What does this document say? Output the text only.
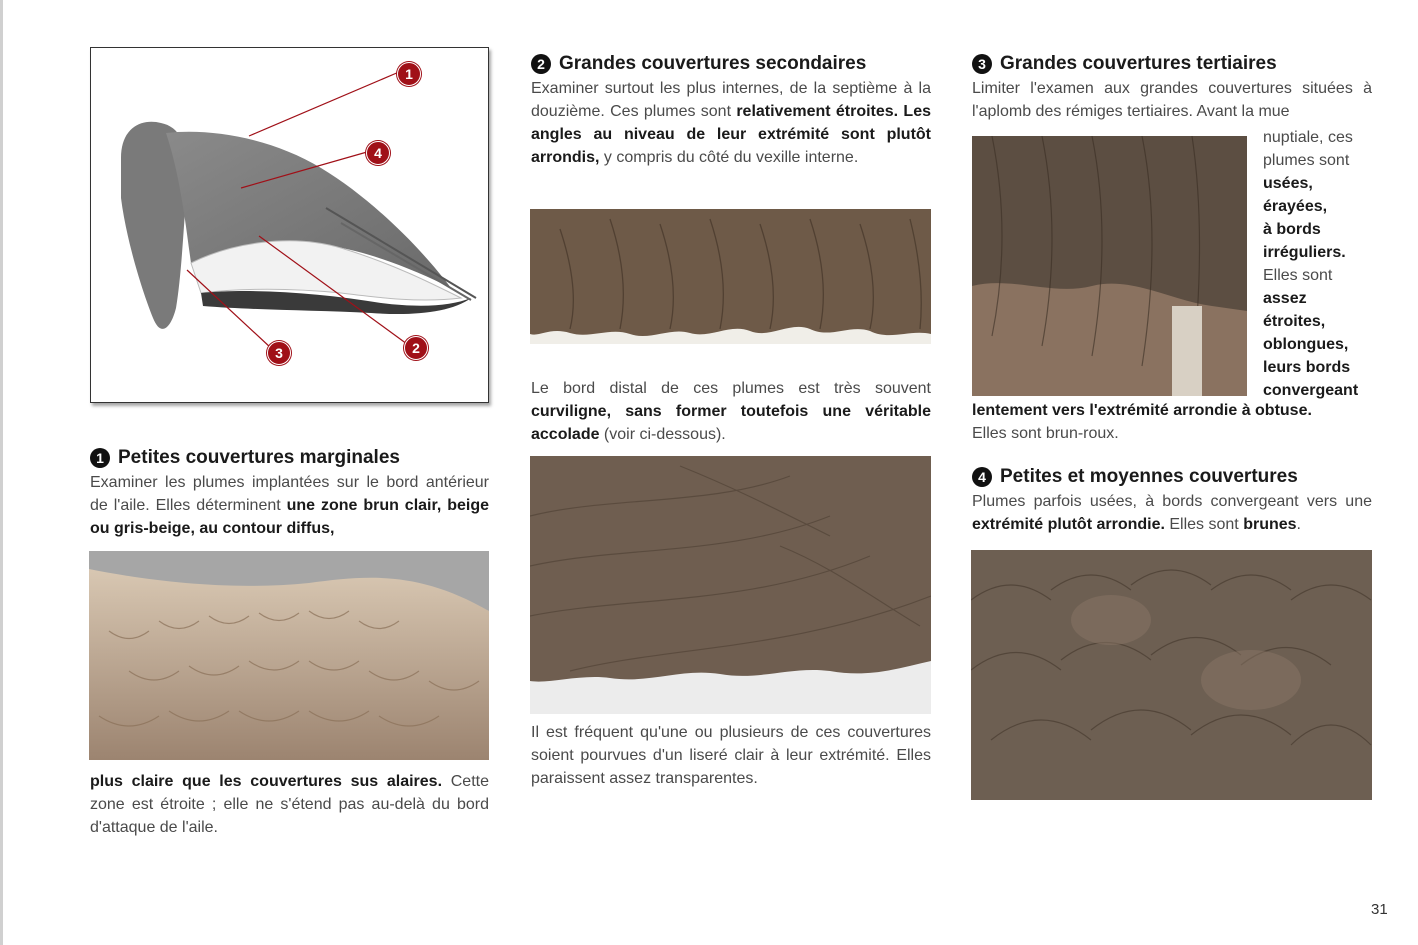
1
4
3	2
1 Petites couvertures marginales

Examiner les plumes implantées sur le bord antérieur de l'aile. Elles déterminent une zone brun clair, beige ou gris-beige, au contour diffus,

plus claire que les couvertures sus alaires. Cette zone est étroite ; elle ne s'étend pas au-delà du bord d'attaque de l'aile.

2 Grandes couvertures secondaires

Examiner surtout les plus internes, de la septième à la douzième. Ces plumes sont relativement étroites. Les angles au niveau de leur extrémité sont plutôt arrondis, y compris du côté du vexille interne.

Le bord distal de ces plumes est très souvent curviligne, sans former toutefois une véritable accolade (voir ci-dessous).

Il est fréquent qu'une ou plusieurs de ces couvertures soient pourvues d'un liseré clair à leur extrémité. Elles paraissent assez transparentes.

3 Grandes couvertures tertiaires

Limiter l'examen aux grandes couvertures situées à l'aplomb des rémiges tertiaires. Avant la mue

nuptiale, ces

plumes sont

usées,

érayées,

à bords

irréguliers.

Elles sont

assez

étroites,

oblongues,

leurs bords

convergeant

lentement vers l'extrémité arrondie à obtuse.

Elles sont brun-roux.

4 Petites et moyennes couvertures

Plumes parfois usées, à bords convergeant vers une extrémité plutôt arrondie. Elles sont brunes.

31
